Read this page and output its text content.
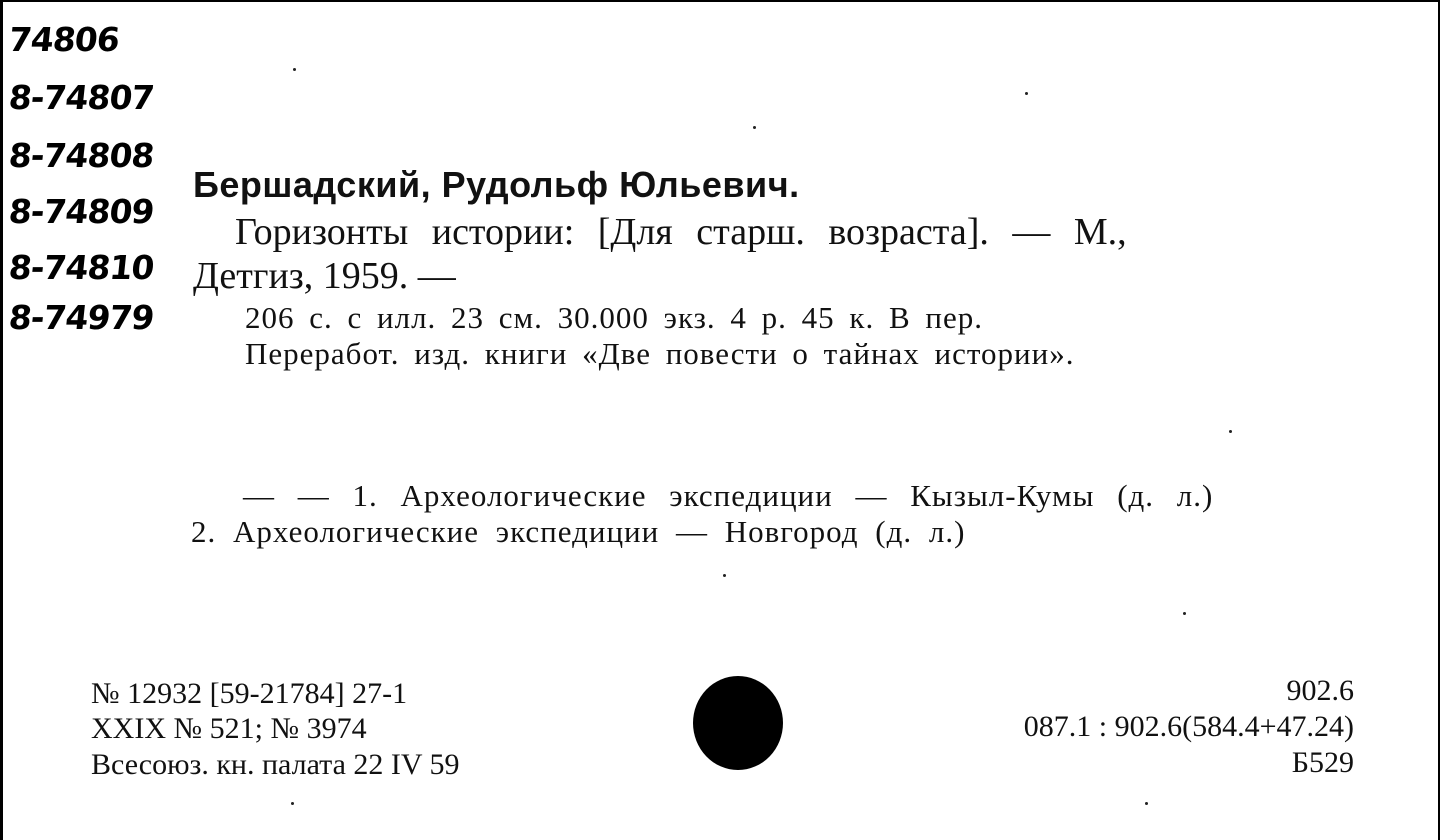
74806
8-74807
8-74808
8-74809
8-74810
8-74979
Бершадский, Рудольф Юльевич.
Горизонты истории: [Для старш. возраста]. — М.,
Детгиз, 1959. —
206 с. с илл. 23 см. 30.000 экз. 4 р. 45 к. В пер.
Переработ. изд. книги «Две повести о тайнах истории».
— — 1. Археологические экспедиции — Кызыл-Кумы (д. л.)
2. Археологические экспедиции — Новгород (д. л.)
№ 12932 [59-21784] 27-1
XXIX № 521; № 3974
Всесоюз. кн. палата 22 IV 59
902.6
087.1 : 902.6(584.4+47.24)
Б529
